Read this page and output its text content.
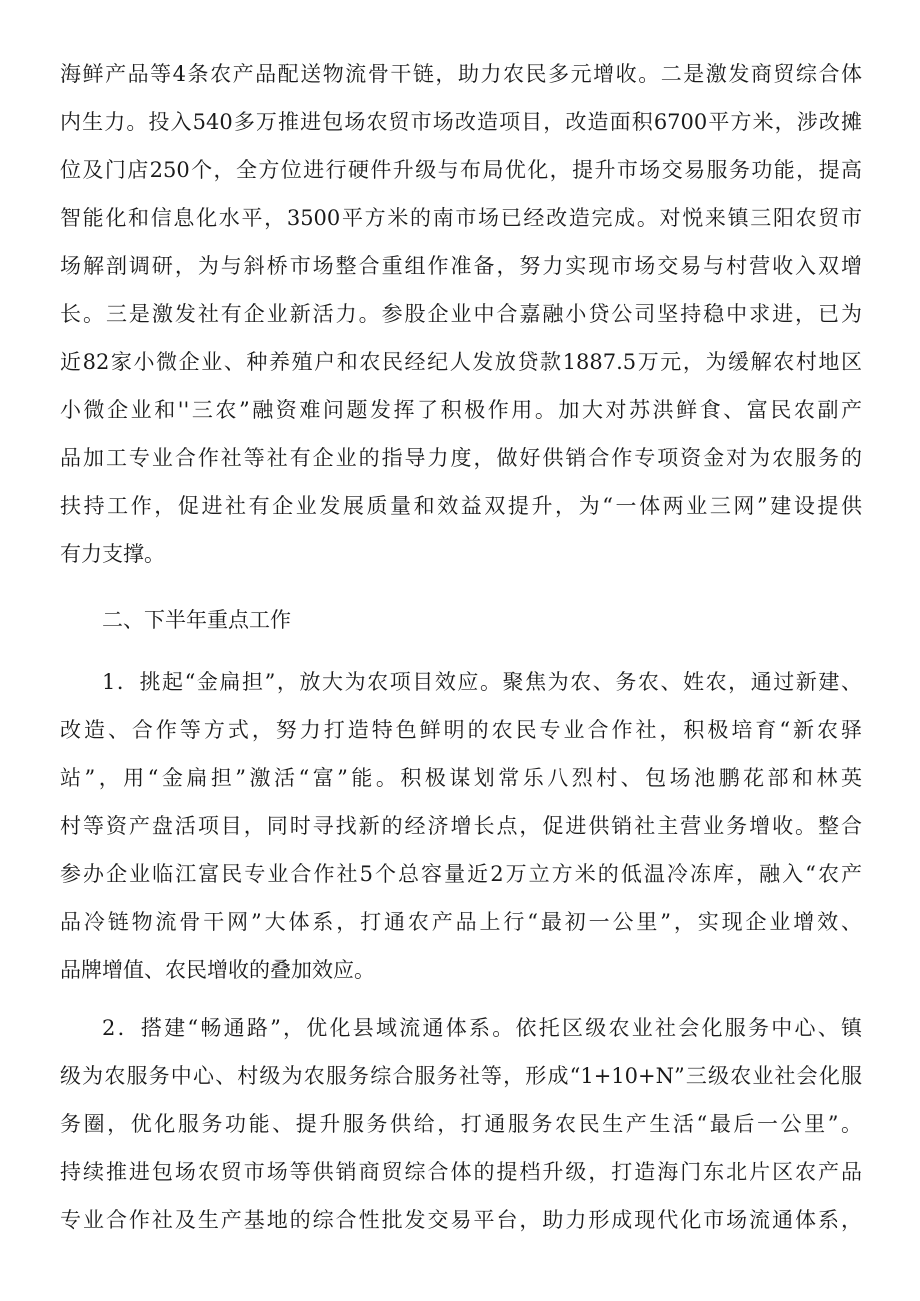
海鲜产品等4条农产品配送物流骨干链，助力农民多元增收。二是激发商贸综合体
内生力。投入540多万推进包场农贸市场改造项目，改造面积6700平方米，涉改摊
位及门店250个，全方位进行硬件升级与布局优化，提升市场交易服务功能，提高
智能化和信息化水平，3500平方米的南市场已经改造完成。对悦来镇三阳农贸市
场解剖调研，为与斜桥市场整合重组作准备，努力实现市场交易与村营收入双增
长。三是激发社有企业新活力。参股企业中合嘉融小贷公司坚持稳中求进，已为
近82家小微企业、种养殖户和农民经纪人发放贷款1887.5万元，为缓解农村地区
小微企业和''三农”融资难问题发挥了积极作用。加大对苏洪鲜食、富民农副产
品加工专业合作社等社有企业的指导力度，做好供销合作专项资金对为农服务的
扶持工作，促进社有企业发展质量和效益双提升，为“一体两业三网”建设提供
有力支撑。
二、下半年重点工作
1．挑起“金扁担”，放大为农项目效应。聚焦为农、务农、姓农，通过新建、
改造、合作等方式，努力打造特色鲜明的农民专业合作社，积极培育“新农驿
站”，用“金扁担”激活“富”能。积极谋划常乐八烈村、包场池鹏花部和林英
村等资产盘活项目，同时寻找新的经济增长点，促进供销社主营业务增收。整合
参办企业临江富民专业合作社5个总容量近2万立方米的低温冷冻库，融入“农产
品冷链物流骨干网”大体系，打通农产品上行“最初一公里”，实现企业增效、
品牌增值、农民增收的叠加效应。
2．搭建“畅通路”，优化县域流通体系。依托区级农业社会化服务中心、镇
级为农服务中心、村级为农服务综合服务社等，形成“1+10+N”三级农业社会化服
务圈，优化服务功能、提升服务供给，打通服务农民生产生活“最后一公里”。
持续推进包场农贸市场等供销商贸综合体的提档升级，打造海门东北片区农产品
专业合作社及生产基地的综合性批发交易平台，助力形成现代化市场流通体系，
